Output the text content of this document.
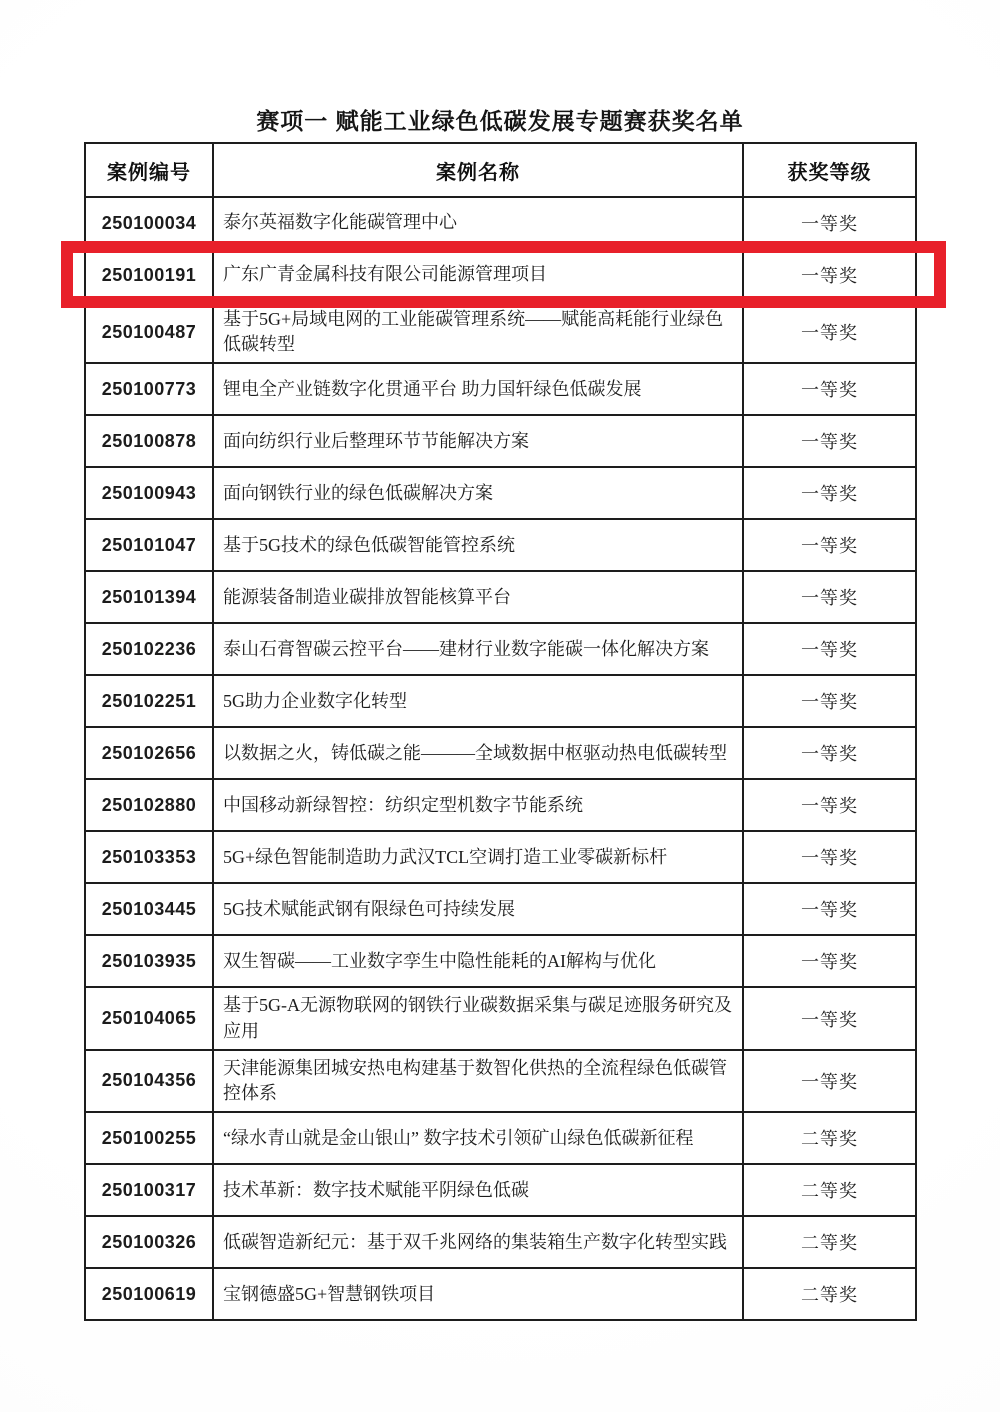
赛项一 赋能工业绿色低碳发展专题赛获奖名单
案例编号	案例名称	获奖等级
250100034	泰尔英福数字化能碳管理中心	一等奖
250100191	广东广青金属科技有限公司能源管理项目	一等奖
250100487	基于5G+局域电网的工业能碳管理系统——赋能高耗能行业绿色低碳转型	一等奖
250100773	锂电全产业链数字化贯通平台 助力国轩绿色低碳发展	一等奖
250100878	面向纺织行业后整理环节节能解决方案	一等奖
250100943	面向钢铁行业的绿色低碳解决方案	一等奖
250101047	基于5G技术的绿色低碳智能管控系统	一等奖
250101394	能源装备制造业碳排放智能核算平台	一等奖
250102236	泰山石膏智碳云控平台——建材行业数字能碳一体化解决方案	一等奖
250102251	5G助力企业数字化转型	一等奖
250102656	以数据之火，铸低碳之能———全域数据中枢驱动热电低碳转型	一等奖
250102880	中国移动新绿智控：纺织定型机数字节能系统	一等奖
250103353	5G+绿色智能制造助力武汉TCL空调打造工业零碳新标杆	一等奖
250103445	5G技术赋能武钢有限绿色可持续发展	一等奖
250103935	双生智碳——工业数字孪生中隐性能耗的AI解构与优化	一等奖
250104065	基于5G-A无源物联网的钢铁行业碳数据采集与碳足迹服务研究及应用	一等奖
250104356	天津能源集团城安热电构建基于数智化供热的全流程绿色低碳管控体系	一等奖
250100255	“绿水青山就是金山银山” 数字技术引领矿山绿色低碳新征程	二等奖
250100317	技术革新：数字技术赋能平阴绿色低碳	二等奖
250100326	低碳智造新纪元：基于双千兆网络的集装箱生产数字化转型实践	二等奖
250100619	宝钢德盛5G+智慧钢铁项目	二等奖
